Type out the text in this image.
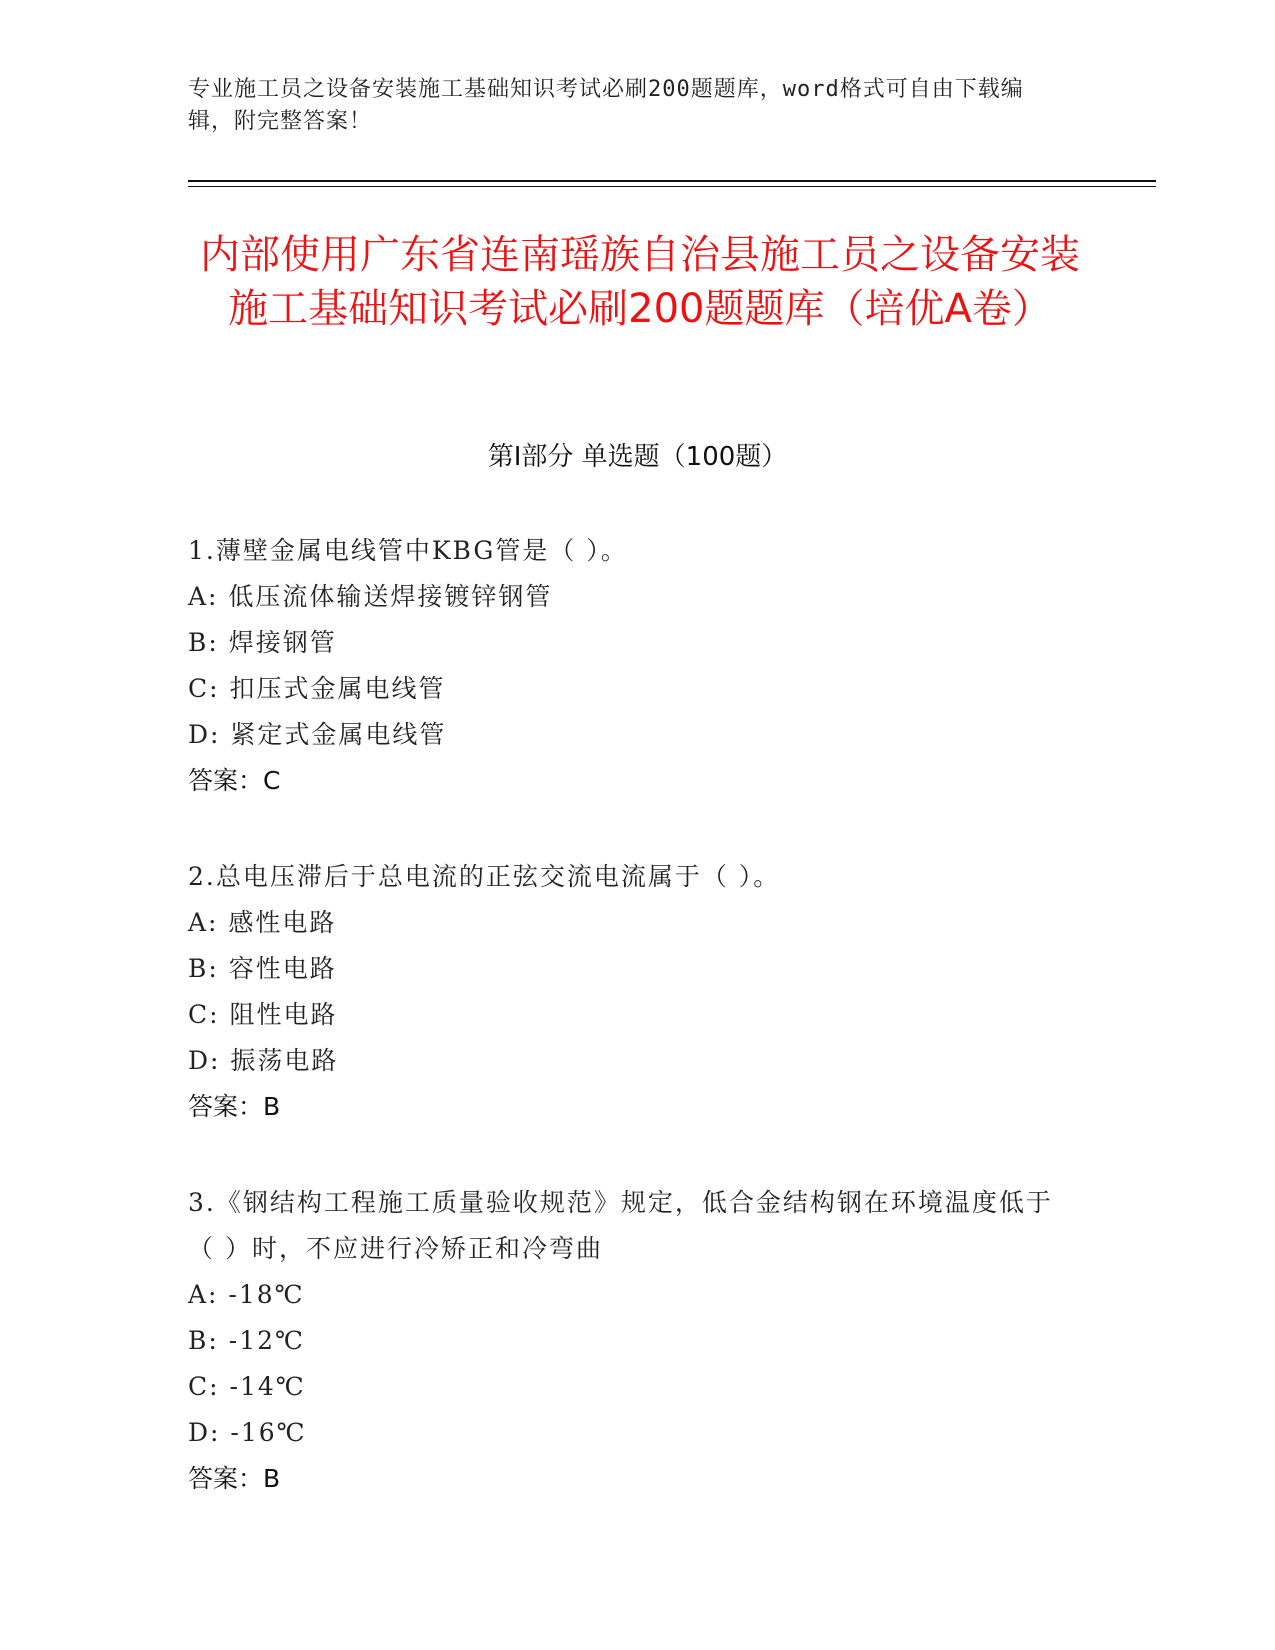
专业施工员之设备安装施工基础知识考试必刷200题题库，word格式可自由下载编辑，附完整答案！
内部使用广东省连南瑶族自治县施工员之设备安装施工基础知识考试必刷200题题库（培优A卷）
第I部分 单选题（100题）

1.薄壁金属电线管中KBG管是（ ）。

A: 低压流体输送焊接镀锌钢管

B: 焊接钢管

C: 扣压式金属电线管

D: 紧定式金属电线管

答案：C

2.总电压滞后于总电流的正弦交流电流属于（ ）。

A: 感性电路

B: 容性电路

C: 阻性电路

D: 振荡电路

答案：B

3.《钢结构工程施工质量验收规范》规定，低合金结构钢在环境温度低于（ ）时，不应进行冷矫正和冷弯曲

A: -18℃

B: -12℃

C: -14℃

D: -16℃

答案：B
